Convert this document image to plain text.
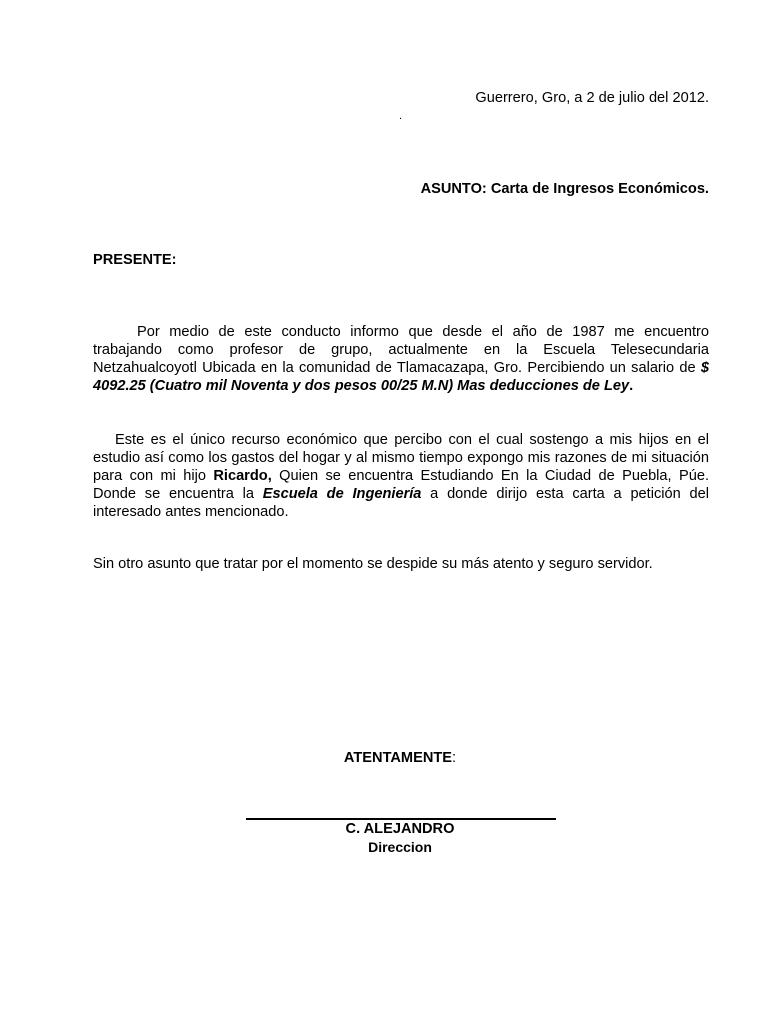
Guerrero, Gro, a 2 de julio del 2012.
.
ASUNTO: Carta de Ingresos Económicos.
PRESENTE:

Por medio de este conducto informo que desde el año de 1987 me encuentro trabajando como profesor de grupo, actualmente en la Escuela Telesecundaria Netzahualcoyotl Ubicada en la comunidad de Tlamacazapa, Gro. Percibiendo un salario de $ 4092.25 (Cuatro mil Noventa y dos pesos 00/25 M.N) Mas deducciones de Ley.

Este es el único recurso económico que percibo con el cual sostengo a mis hijos en el estudio así como los gastos del hogar y al mismo tiempo expongo mis razones de mi situación para con mi hijo Ricardo, Quien se encuentra Estudiando En la Ciudad de Puebla, Púe. Donde se encuentra la Escuela de Ingeniería a donde dirijo esta carta a petición del interesado antes mencionado.

Sin otro asunto que tratar por el momento se despide su más atento y seguro servidor.

ATENTAMENTE:
C. ALEJANDRO
Direccion
